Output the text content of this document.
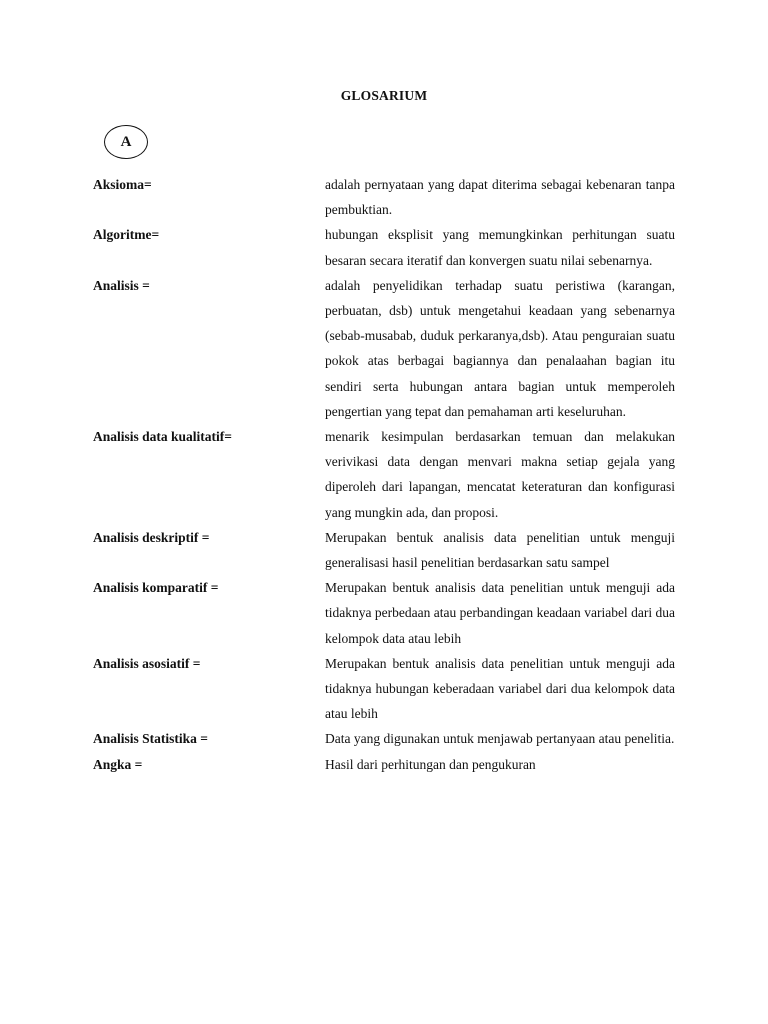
GLOSARIUM
A
Aksioma=	adalah pernyataan yang dapat diterima sebagai kebenaran tanpa pembuktian.
Algoritme=	hubungan eksplisit yang memungkinkan perhitungan suatu besaran secara iteratif dan konvergen suatu nilai sebenarnya.
Analisis =	adalah penyelidikan terhadap suatu peristiwa (karangan, perbuatan, dsb) untuk mengetahui keadaan yang sebenarnya (sebab-musabab, duduk perkaranya,dsb). Atau penguraian suatu pokok atas berbagai bagiannya dan penalaahan bagian itu sendiri serta hubungan antara bagian untuk memperoleh pengertian yang tepat dan pemahaman arti keseluruhan.
Analisis data kualitatif=	menarik kesimpulan berdasarkan temuan dan melakukan verivikasi data dengan menvari makna setiap gejala yang diperoleh dari lapangan, mencatat keteraturan dan konfigurasi yang mungkin ada, dan proposi.
Analisis deskriptif =	Merupakan bentuk analisis data penelitian untuk menguji generalisasi hasil penelitian berdasarkan satu sampel
Analisis komparatif =	Merupakan bentuk analisis data penelitian untuk menguji ada tidaknya perbedaan atau perbandingan keadaan variabel dari dua kelompok data atau lebih
Analisis asosiatif =	Merupakan bentuk analisis data penelitian untuk menguji ada tidaknya hubungan keberadaan variabel dari dua kelompok data atau lebih
Analisis Statistika =	Data yang digunakan untuk menjawab pertanyaan atau penelitia.
Angka =	Hasil dari perhitungan dan pengukuran
